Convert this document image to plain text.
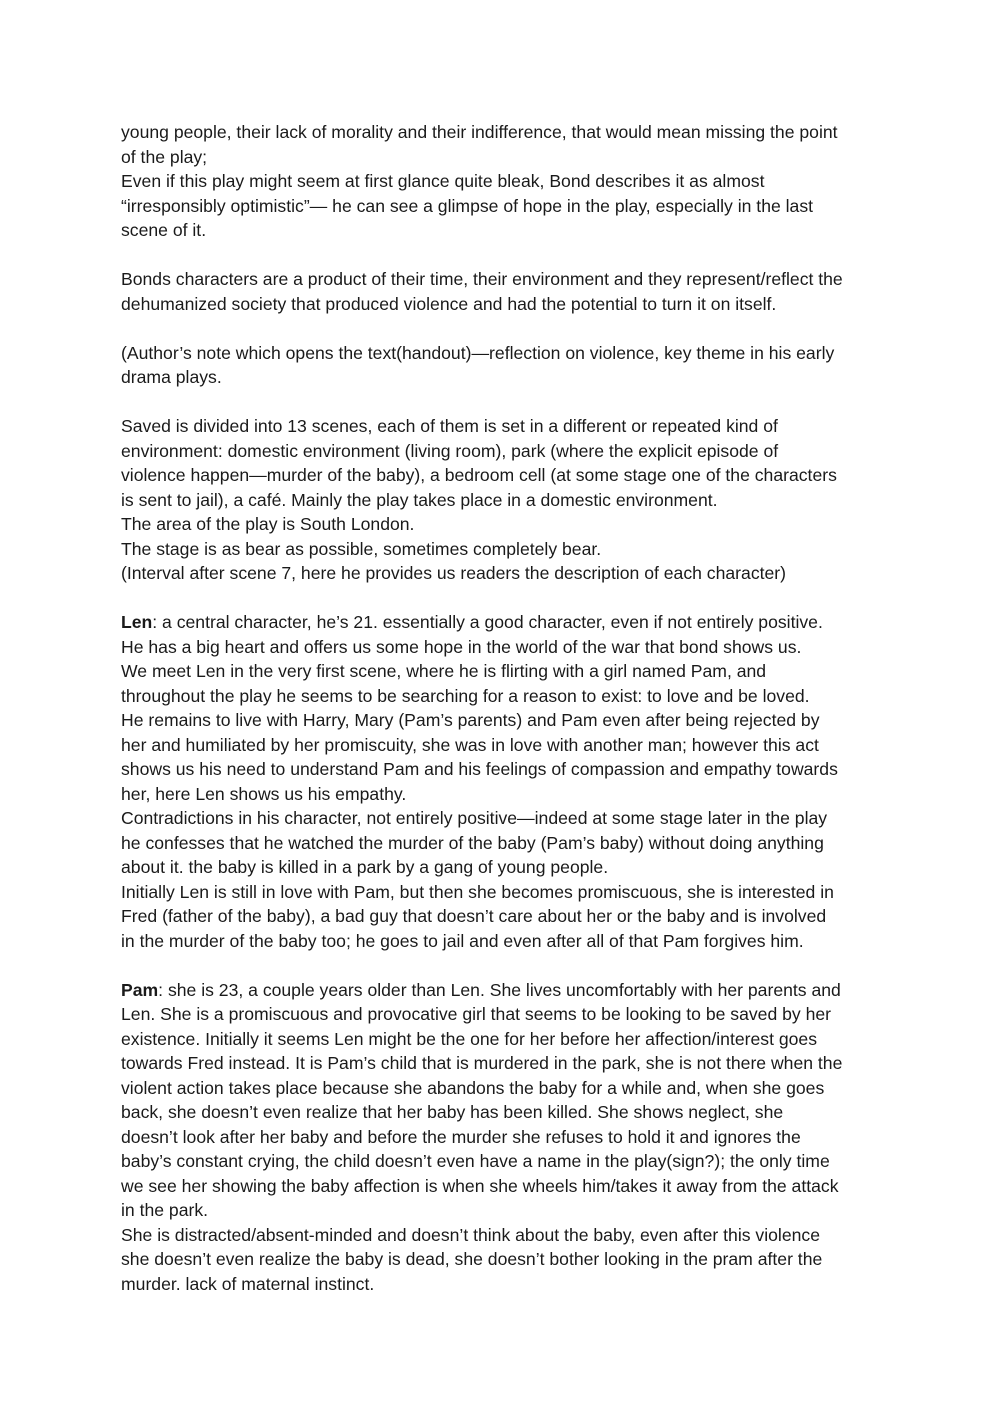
young people, their lack of morality and their indifference, that would mean missing the point
of the play;
Even if this play might seem at first glance quite bleak, Bond describes it as almost
“irresponsibly optimistic”— he can see a glimpse of hope in the play, especially in the last
scene of it.
Bonds characters are a product of their time, their environment and they represent/reflect the
dehumanized society that produced violence and had the potential to turn it on itself.
(Author’s note which opens the text(handout)—reflection on violence, key theme in his early
drama plays.
Saved is divided into 13 scenes, each of them is set in a different or repeated kind of
environment: domestic environment (living room), park (where the explicit episode of
violence happen—murder of the baby), a bedroom cell (at some stage one of the characters
is sent to jail), a café. Mainly the play takes place in a domestic environment.
The area of the play is South London.
The stage is as bear as possible, sometimes completely bear.
(Interval after scene 7, here he provides us readers the description of each character)
Len: a central character, he’s 21. essentially a good character, even if not entirely positive.
He has a big heart and offers us some hope in the world of the war that bond shows us.
We meet Len in the very first scene, where he is flirting with a girl named Pam, and
throughout the play he seems to be searching for a reason to exist: to love and be loved.
He remains to live with Harry, Mary (Pam’s parents) and Pam even after being rejected by
her and humiliated by her promiscuity, she was in love with another man; however this act
shows us his need to understand Pam and his feelings of compassion and empathy towards
her, here Len shows us his empathy.
Contradictions in his character, not entirely positive—indeed at some stage later in the play
he confesses that he watched the murder of the baby (Pam’s baby) without doing anything
about it. the baby is killed in a park by a gang of young people.
Initially Len is still in love with Pam, but then she becomes promiscuous, she is interested in
Fred (father of the baby), a bad guy that doesn’t care about her or the baby and is involved
in the murder of the baby too; he goes to jail and even after all of that Pam forgives him.
Pam: she is 23, a couple years older than Len. She lives uncomfortably with her parents and
Len. She is a promiscuous and provocative girl that seems to be looking to be saved by her
existence. Initially it seems Len might be the one for her before her affection/interest goes
towards Fred instead. It is Pam’s child that is murdered in the park, she is not there when the
violent action takes place because she abandons the baby for a while and, when she goes
back, she doesn’t even realize that her baby has been killed. She shows neglect, she
doesn’t look after her baby and before the murder she refuses to hold it and ignores the
baby’s constant crying, the child doesn’t even have a name in the play(sign?); the only time
we see her showing the baby affection is when she wheels him/takes it away from the attack
in the park.
She is distracted/absent-minded and doesn’t think about the baby, even after this violence
she doesn’t even realize the baby is dead, she doesn’t bother looking in the pram after the
murder. lack of maternal instinct.
